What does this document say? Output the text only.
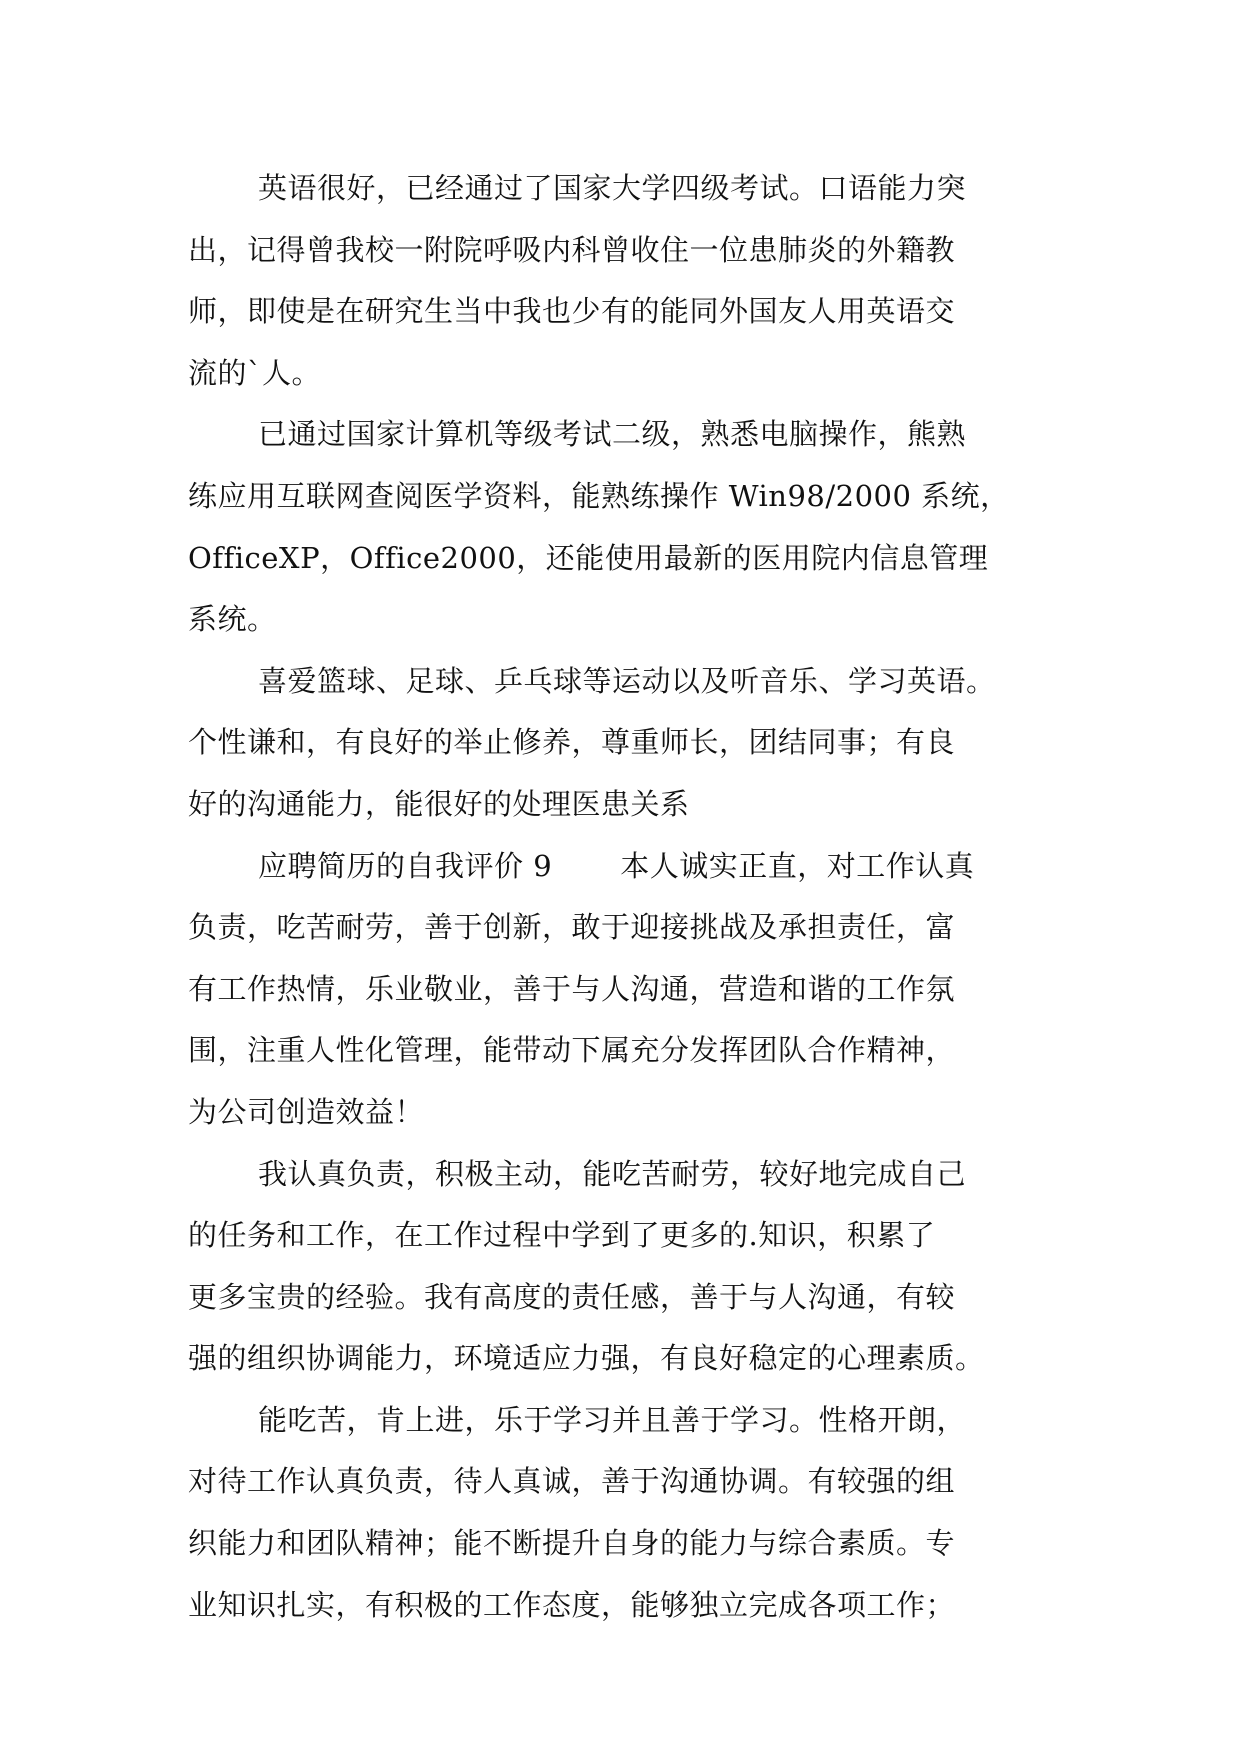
英语很好，已经通过了国家大学四级考试。口语能力突
出，记得曾我校一附院呼吸内科曾收住一位患肺炎的外籍教
师，即使是在研究生当中我也少有的能同外国友人用英语交
流的`人。
已通过国家计算机等级考试二级，熟悉电脑操作，熊熟
练应用互联网查阅医学资料，能熟练操作 Win98/2000 系统，
OfficeXP，Office2000，还能使用最新的医用院内信息管理
系统。
喜爱篮球、足球、乒乓球等运动以及听音乐、学习英语。
个性谦和，有良好的举止修养，尊重师长，团结同事；有良
好的沟通能力，能很好的处理医患关系
应聘简历的自我评价 9       本人诚实正直，对工作认真
负责，吃苦耐劳，善于创新，敢于迎接挑战及承担责任，富
有工作热情，乐业敬业，善于与人沟通，营造和谐的工作氛
围，注重人性化管理，能带动下属充分发挥团队合作精神，
为公司创造效益！
我认真负责，积极主动，能吃苦耐劳，较好地完成自己
的任务和工作，在工作过程中学到了更多的.知识，积累了
更多宝贵的经验。我有高度的责任感，善于与人沟通，有较
强的组织协调能力，环境适应力强，有良好稳定的心理素质。
能吃苦，肯上进，乐于学习并且善于学习。性格开朗，
对待工作认真负责，待人真诚，善于沟通协调。有较强的组
织能力和团队精神；能不断提升自身的能力与综合素质。专
业知识扎实，有积极的工作态度，能够独立完成各项工作；
